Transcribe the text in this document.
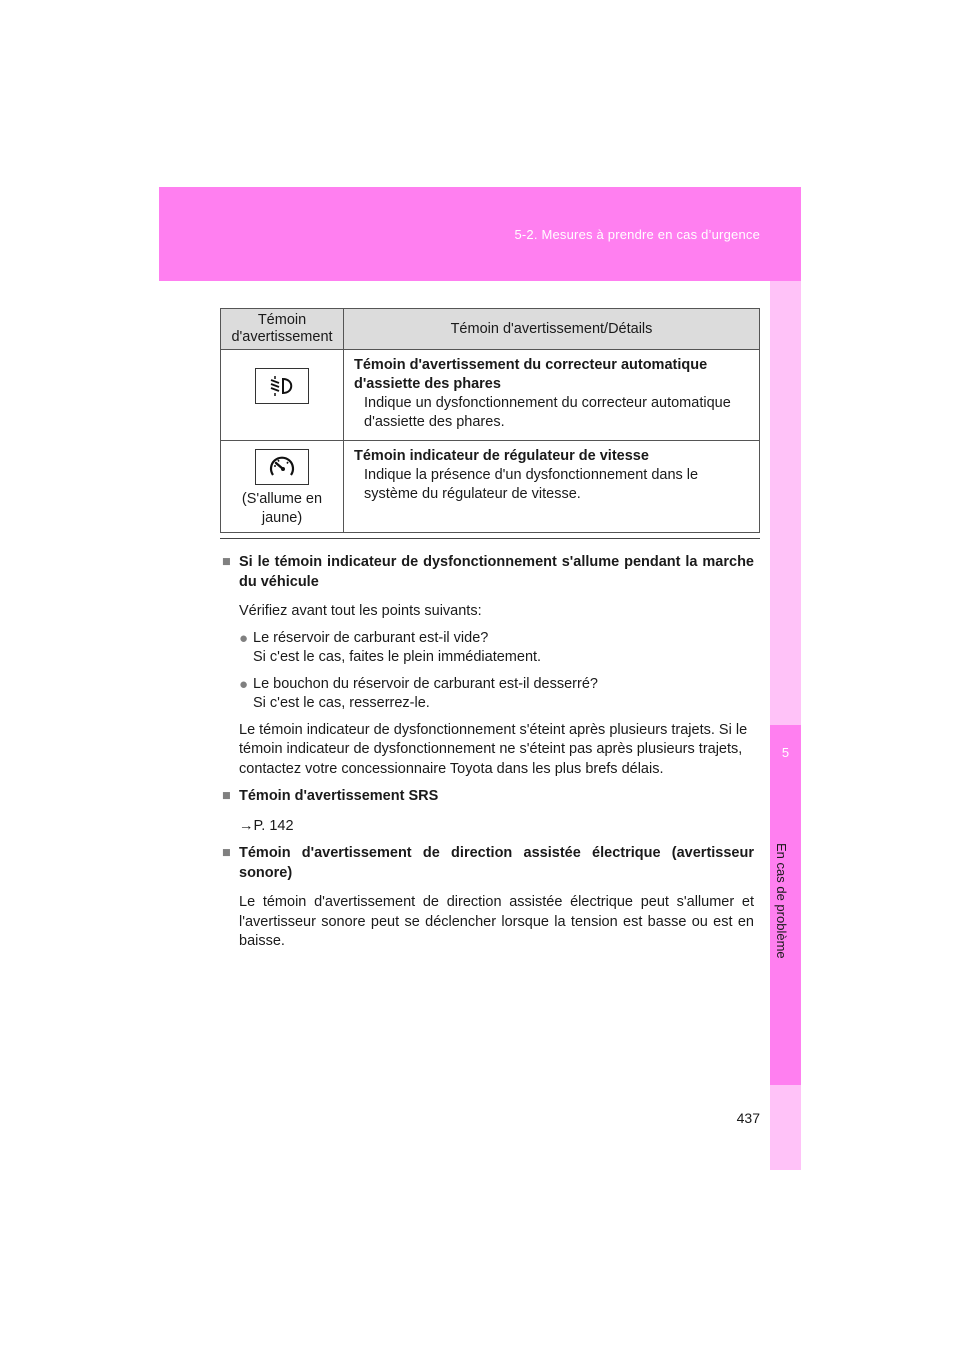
5-2. Mesures à prendre en cas d’urgence
5
En cas de problème
Témoin d'avertissement	Témoin d'avertissement/Détails

Témoin d'avertissement du correcteur automatique d'assiette des phares
Indique un dysfonctionnement du correcteur automatique d'assiette des phares.

(S'allume en jaune)	Témoin indicateur de régulateur de vitesse
Indique la présence d'un dysfonctionnement dans le système du régulateur de vitesse.
■ Si le témoin indicateur de dysfonctionnement s'allume pendant la marche du véhicule
Vérifiez avant tout les points suivants:
● Le réservoir de carburant est-il vide?
Si c'est le cas, faites le plein immédiatement.
● Le bouchon du réservoir de carburant est-il desserré?
Si c'est le cas, resserrez-le.
Le témoin indicateur de dysfonctionnement s'éteint après plusieurs trajets. Si le témoin indicateur de dysfonctionnement ne s'éteint pas après plusieurs trajets, contactez votre concessionnaire Toyota dans les plus brefs délais.
■ Témoin d'avertissement SRS
→P. 142
■ Témoin d'avertissement de direction assistée électrique (avertisseur sonore)
Le témoin d'avertissement de direction assistée électrique peut s'allumer et l'avertisseur sonore peut se déclencher lorsque la tension est basse ou est en baisse.
437
